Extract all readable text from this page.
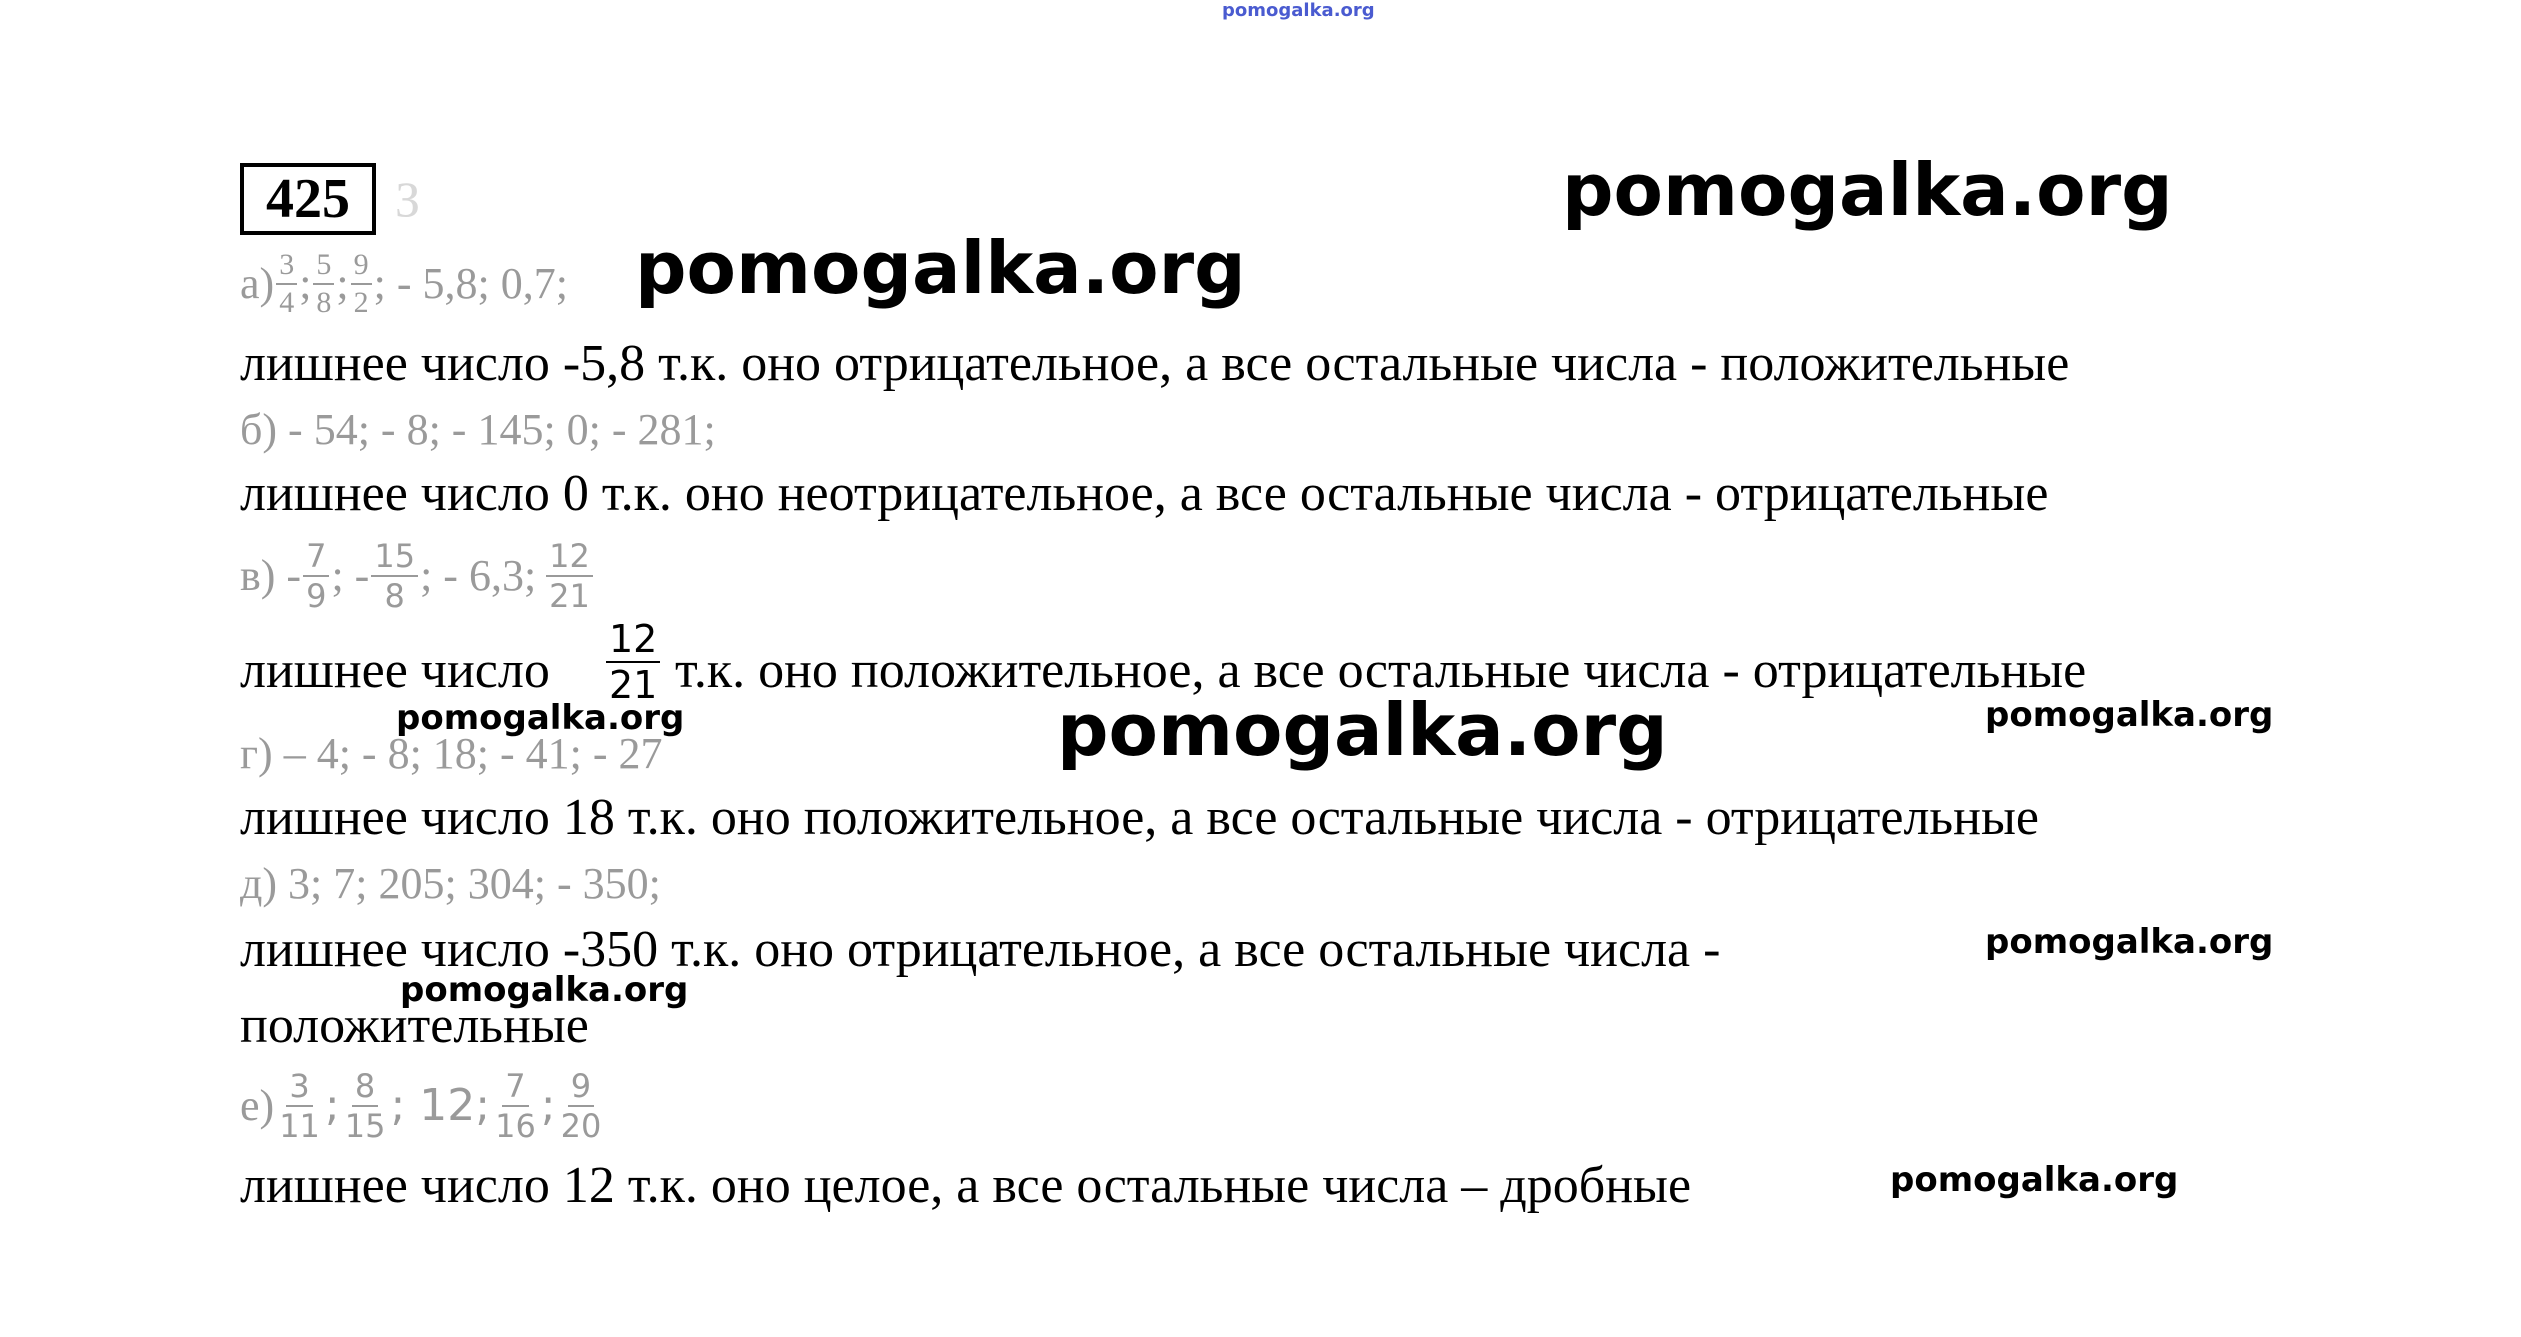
pomogalka.org
425 З	pomogalka.org
$а) \frac{3}{4}$ ; $\frac{5}{8}$ ; $\frac{9}{2}$ ; - 5,8; 0,7; pomogalka.org
лишнее число -5,8 т.к. оно отрицательное, а все остальные числа - положительные
б) - 54; - 8; - 145; 0; - 281;
лишнее число 0 т.к. оно неотрицательное, а все остальные числа - отрицательные
$в) - \frac{7}{9}$ ; - $\frac{15}{8}$ ; - 6,3; $\frac{12}{21}$
лишнее число $\frac{12}{21} т.к$. оно положительное, а все остальные числа - отрицательные
pomogalka.org	pomogalka.org	pomogalka.org
г) – 4; - 8; 18; - 41; - 27
лишнее число 18 т.к. оно положительное, а все остальные числа - отрицательные
д) 3; 7; 205; 304; - 350;
лишнее число -350 т.к. оно отрицательное, а все остальные числа -	pomogalka.org
pomogalka.org
положительные
$е) \frac{3}{11}$ ; $\frac{8}{15}$ ; 12; $\frac{7}{16}$ ; $\frac{9}{20}$
лишнее число 12 т.к. оно целое, а все остальные числа – дробные	pomogalka.org
